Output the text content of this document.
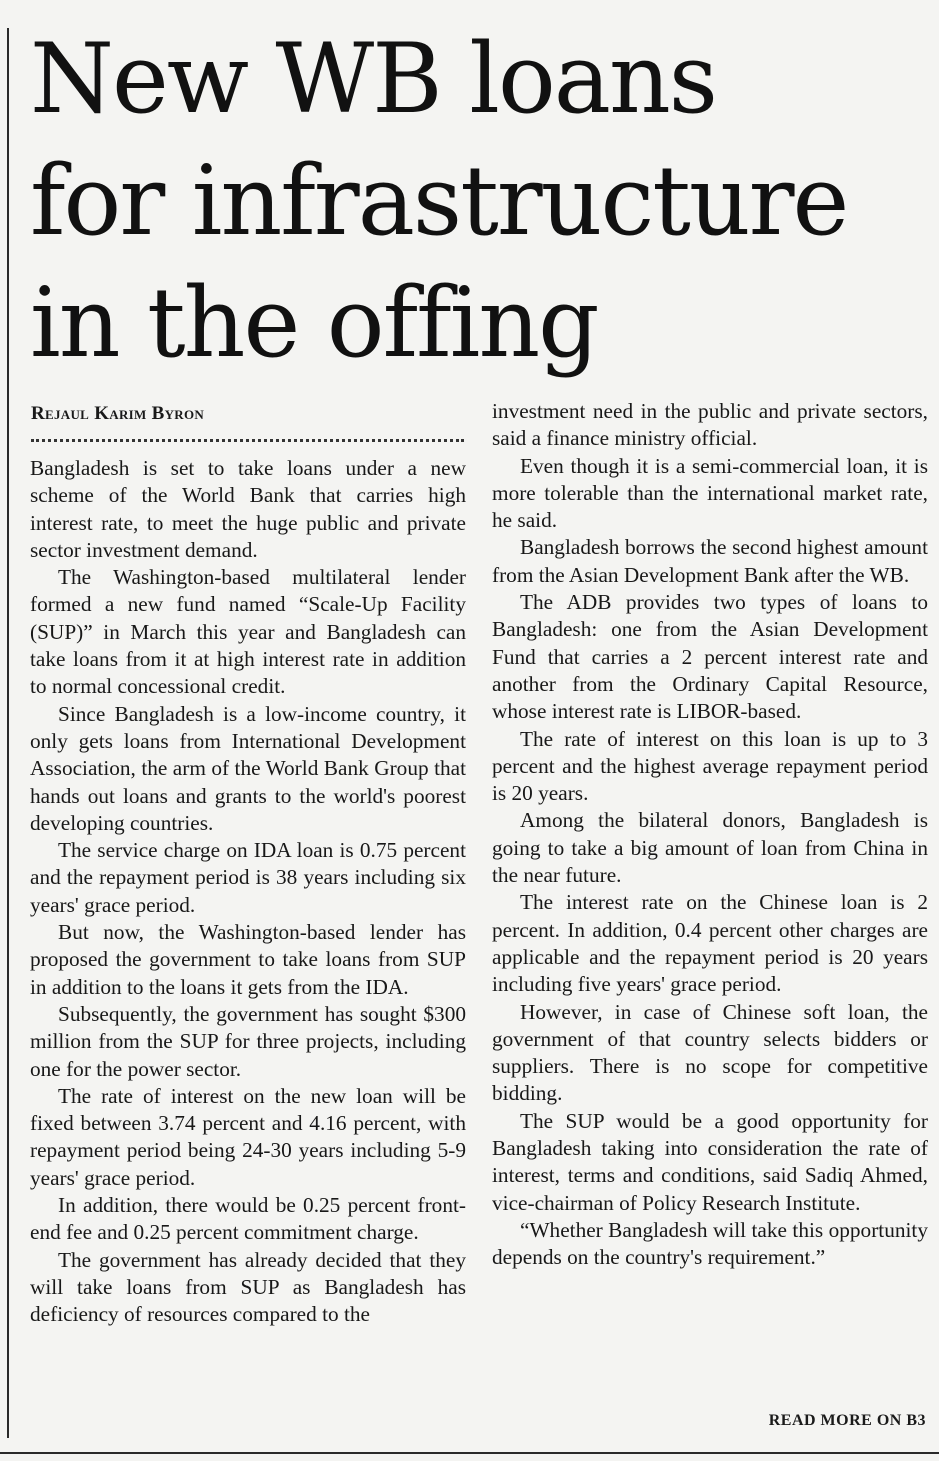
New WB loans
for infrastructure
in the offing
Rejaul Karim Byron

Bangladesh is set to take loans under a new scheme of the World Bank that carries high interest rate, to meet the huge public and private sector investment demand.

The Washington-based multilateral lender formed a new fund named “Scale-Up Facility (SUP)” in March this year and Bangladesh can take loans from it at high interest rate in addition to normal concessional credit.

Since Bangladesh is a low-income country, it only gets loans from International Development Association, the arm of the World Bank Group that hands out loans and grants to the world's poorest developing countries.

The service charge on IDA loan is 0.75 percent and the repayment period is 38 years including six years' grace period.

But now, the Washington-based lender has proposed the government to take loans from SUP in addition to the loans it gets from the IDA.

Subsequently, the government has sought $300 million from the SUP for three projects, including one for the power sector.

The rate of interest on the new loan will be fixed between 3.74 percent and 4.16 percent, with repayment period being 24-30 years including 5-9 years' grace period.

In addition, there would be 0.25 percent front-end fee and 0.25 percent commitment charge.

The government has already decided that they will take loans from SUP as Bangladesh has deficiency of resources compared to the

investment need in the public and private sectors, said a finance ministry official.

Even though it is a semi-commercial loan, it is more tolerable than the international market rate, he said.

Bangladesh borrows the second highest amount from the Asian Development Bank after the WB.

The ADB provides two types of loans to Bangladesh: one from the Asian Development Fund that carries a 2 percent interest rate and another from the Ordinary Capital Resource, whose interest rate is LIBOR-based.

The rate of interest on this loan is up to 3 percent and the highest average repayment period is 20 years.

Among the bilateral donors, Bangladesh is going to take a big amount of loan from China in the near future.

The interest rate on the Chinese loan is 2 percent. In addition, 0.4 percent other charges are applicable and the repayment period is 20 years including five years' grace period.

However, in case of Chinese soft loan, the government of that country selects bidders or suppliers. There is no scope for competitive bidding.

The SUP would be a good opportunity for Bangladesh taking into consideration the rate of interest, terms and conditions, said Sadiq Ahmed, vice-chairman of Policy Research Institute.

“Whether Bangladesh will take this opportunity depends on the country's requirement.”

READ MORE ON B3
